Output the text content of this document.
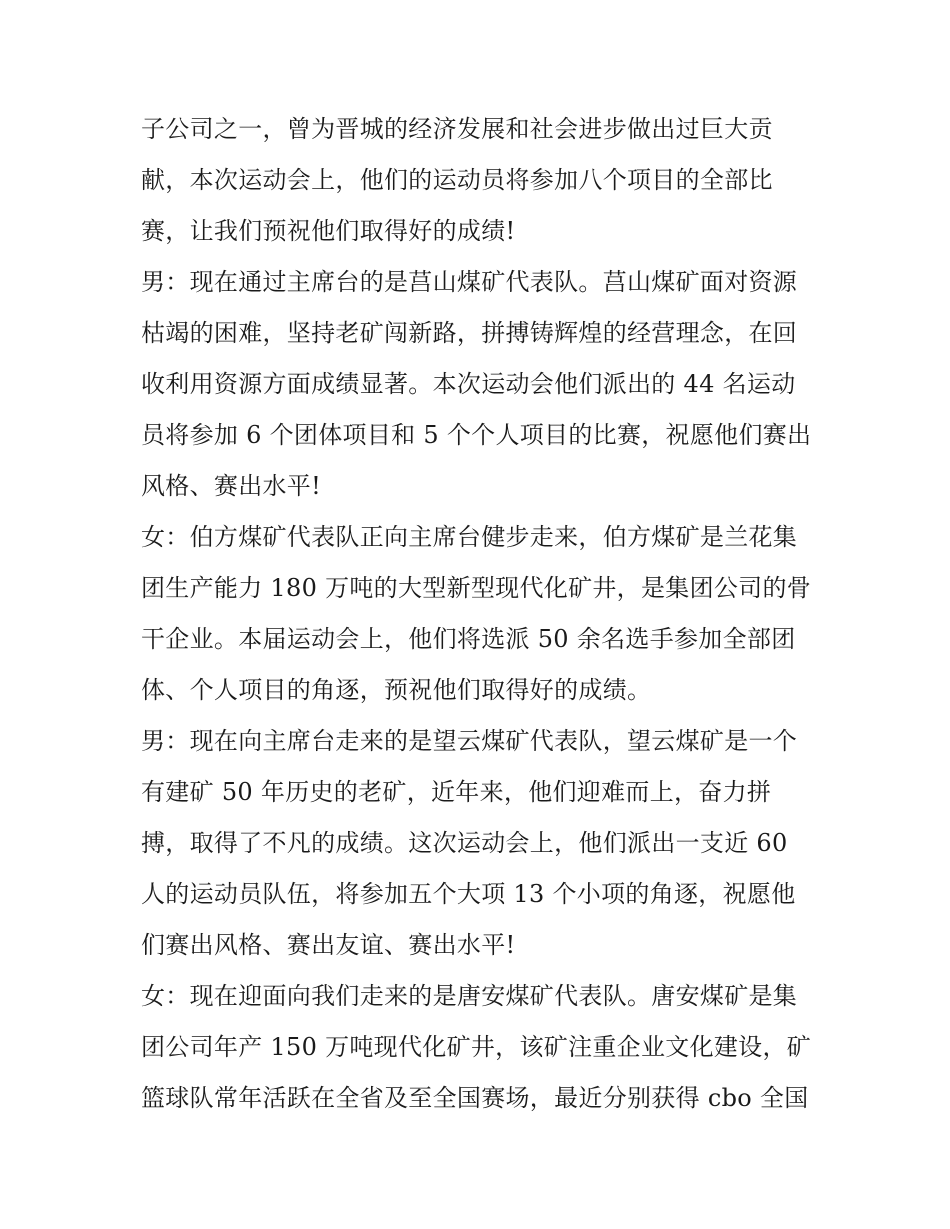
子公司之一，曾为晋城的经济发展和社会进步做出过巨大贡
献，本次运动会上，他们的运动员将参加八个项目的全部比
赛，让我们预祝他们取得好的成绩!
男：现在通过主席台的是莒山煤矿代表队。莒山煤矿面对资源
枯竭的困难，坚持老矿闯新路，拼搏铸辉煌的经营理念，在回
收利用资源方面成绩显著。本次运动会他们派出的 44 名运动
员将参加 6 个团体项目和 5 个个人项目的比赛，祝愿他们赛出
风格、赛出水平!
女：伯方煤矿代表队正向主席台健步走来，伯方煤矿是兰花集
团生产能力 180 万吨的大型新型现代化矿井，是集团公司的骨
干企业。本届运动会上，他们将选派 50 余名选手参加全部团
体、个人项目的角逐，预祝他们取得好的成绩。
男：现在向主席台走来的是望云煤矿代表队，望云煤矿是一个
有建矿 50 年历史的老矿，近年来，他们迎难而上，奋力拼
搏，取得了不凡的成绩。这次运动会上，他们派出一支近 60
人的运动员队伍，将参加五个大项 13 个小项的角逐，祝愿他
们赛出风格、赛出友谊、赛出水平!
女：现在迎面向我们走来的是唐安煤矿代表队。唐安煤矿是集
团公司年产 150 万吨现代化矿井，该矿注重企业文化建设，矿
篮球队常年活跃在全省及至全国赛场，最近分别获得 cbo 全国
